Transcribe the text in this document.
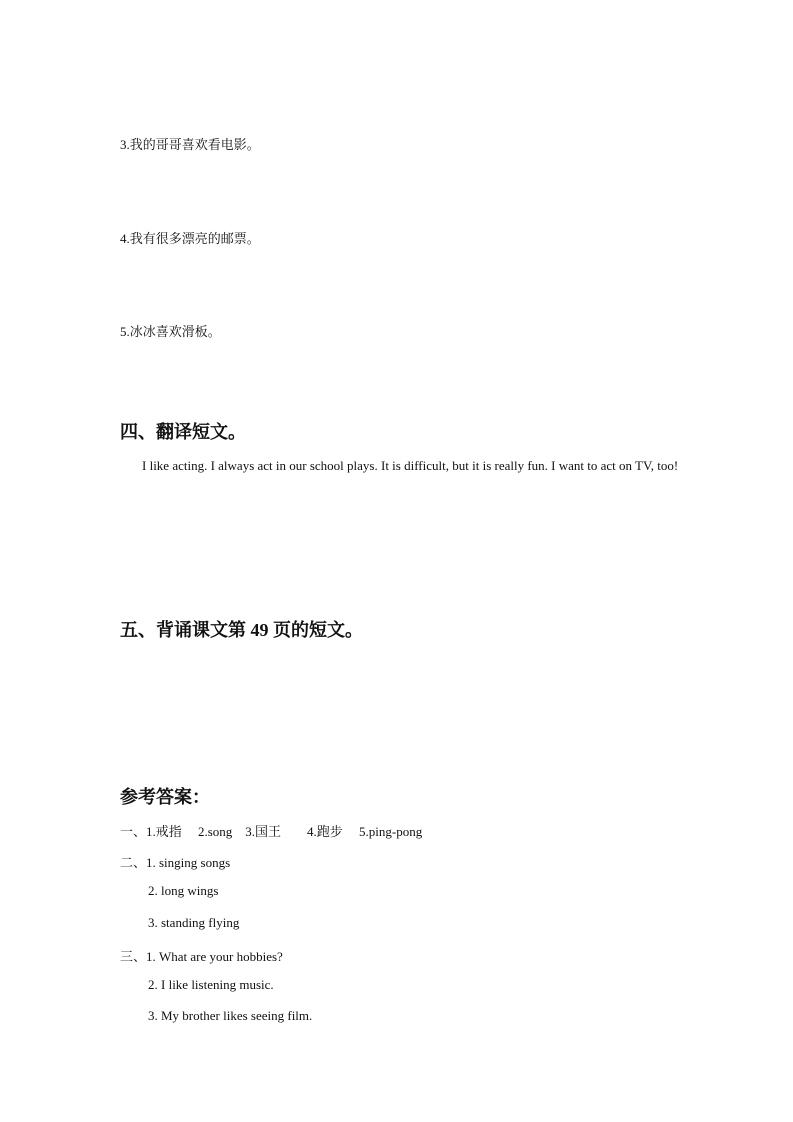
3.我的哥哥喜欢看电影。
4.我有很多漂亮的邮票。
5.冰冰喜欢滑板。
四、翻译短文。
I like acting. I always act in our school plays. It is difficult, but it is really fun. I want to act on TV, too!
五、背诵课文第 49 页的短文。
参考答案：
一、1.戒指　 2.song　3.国王　　4.跑步　 5.ping-pong
二、1. singing songs
2. long wings
3. standing flying
三、1. What are your hobbies?
2. I like listening music.
3. My brother likes seeing film.
